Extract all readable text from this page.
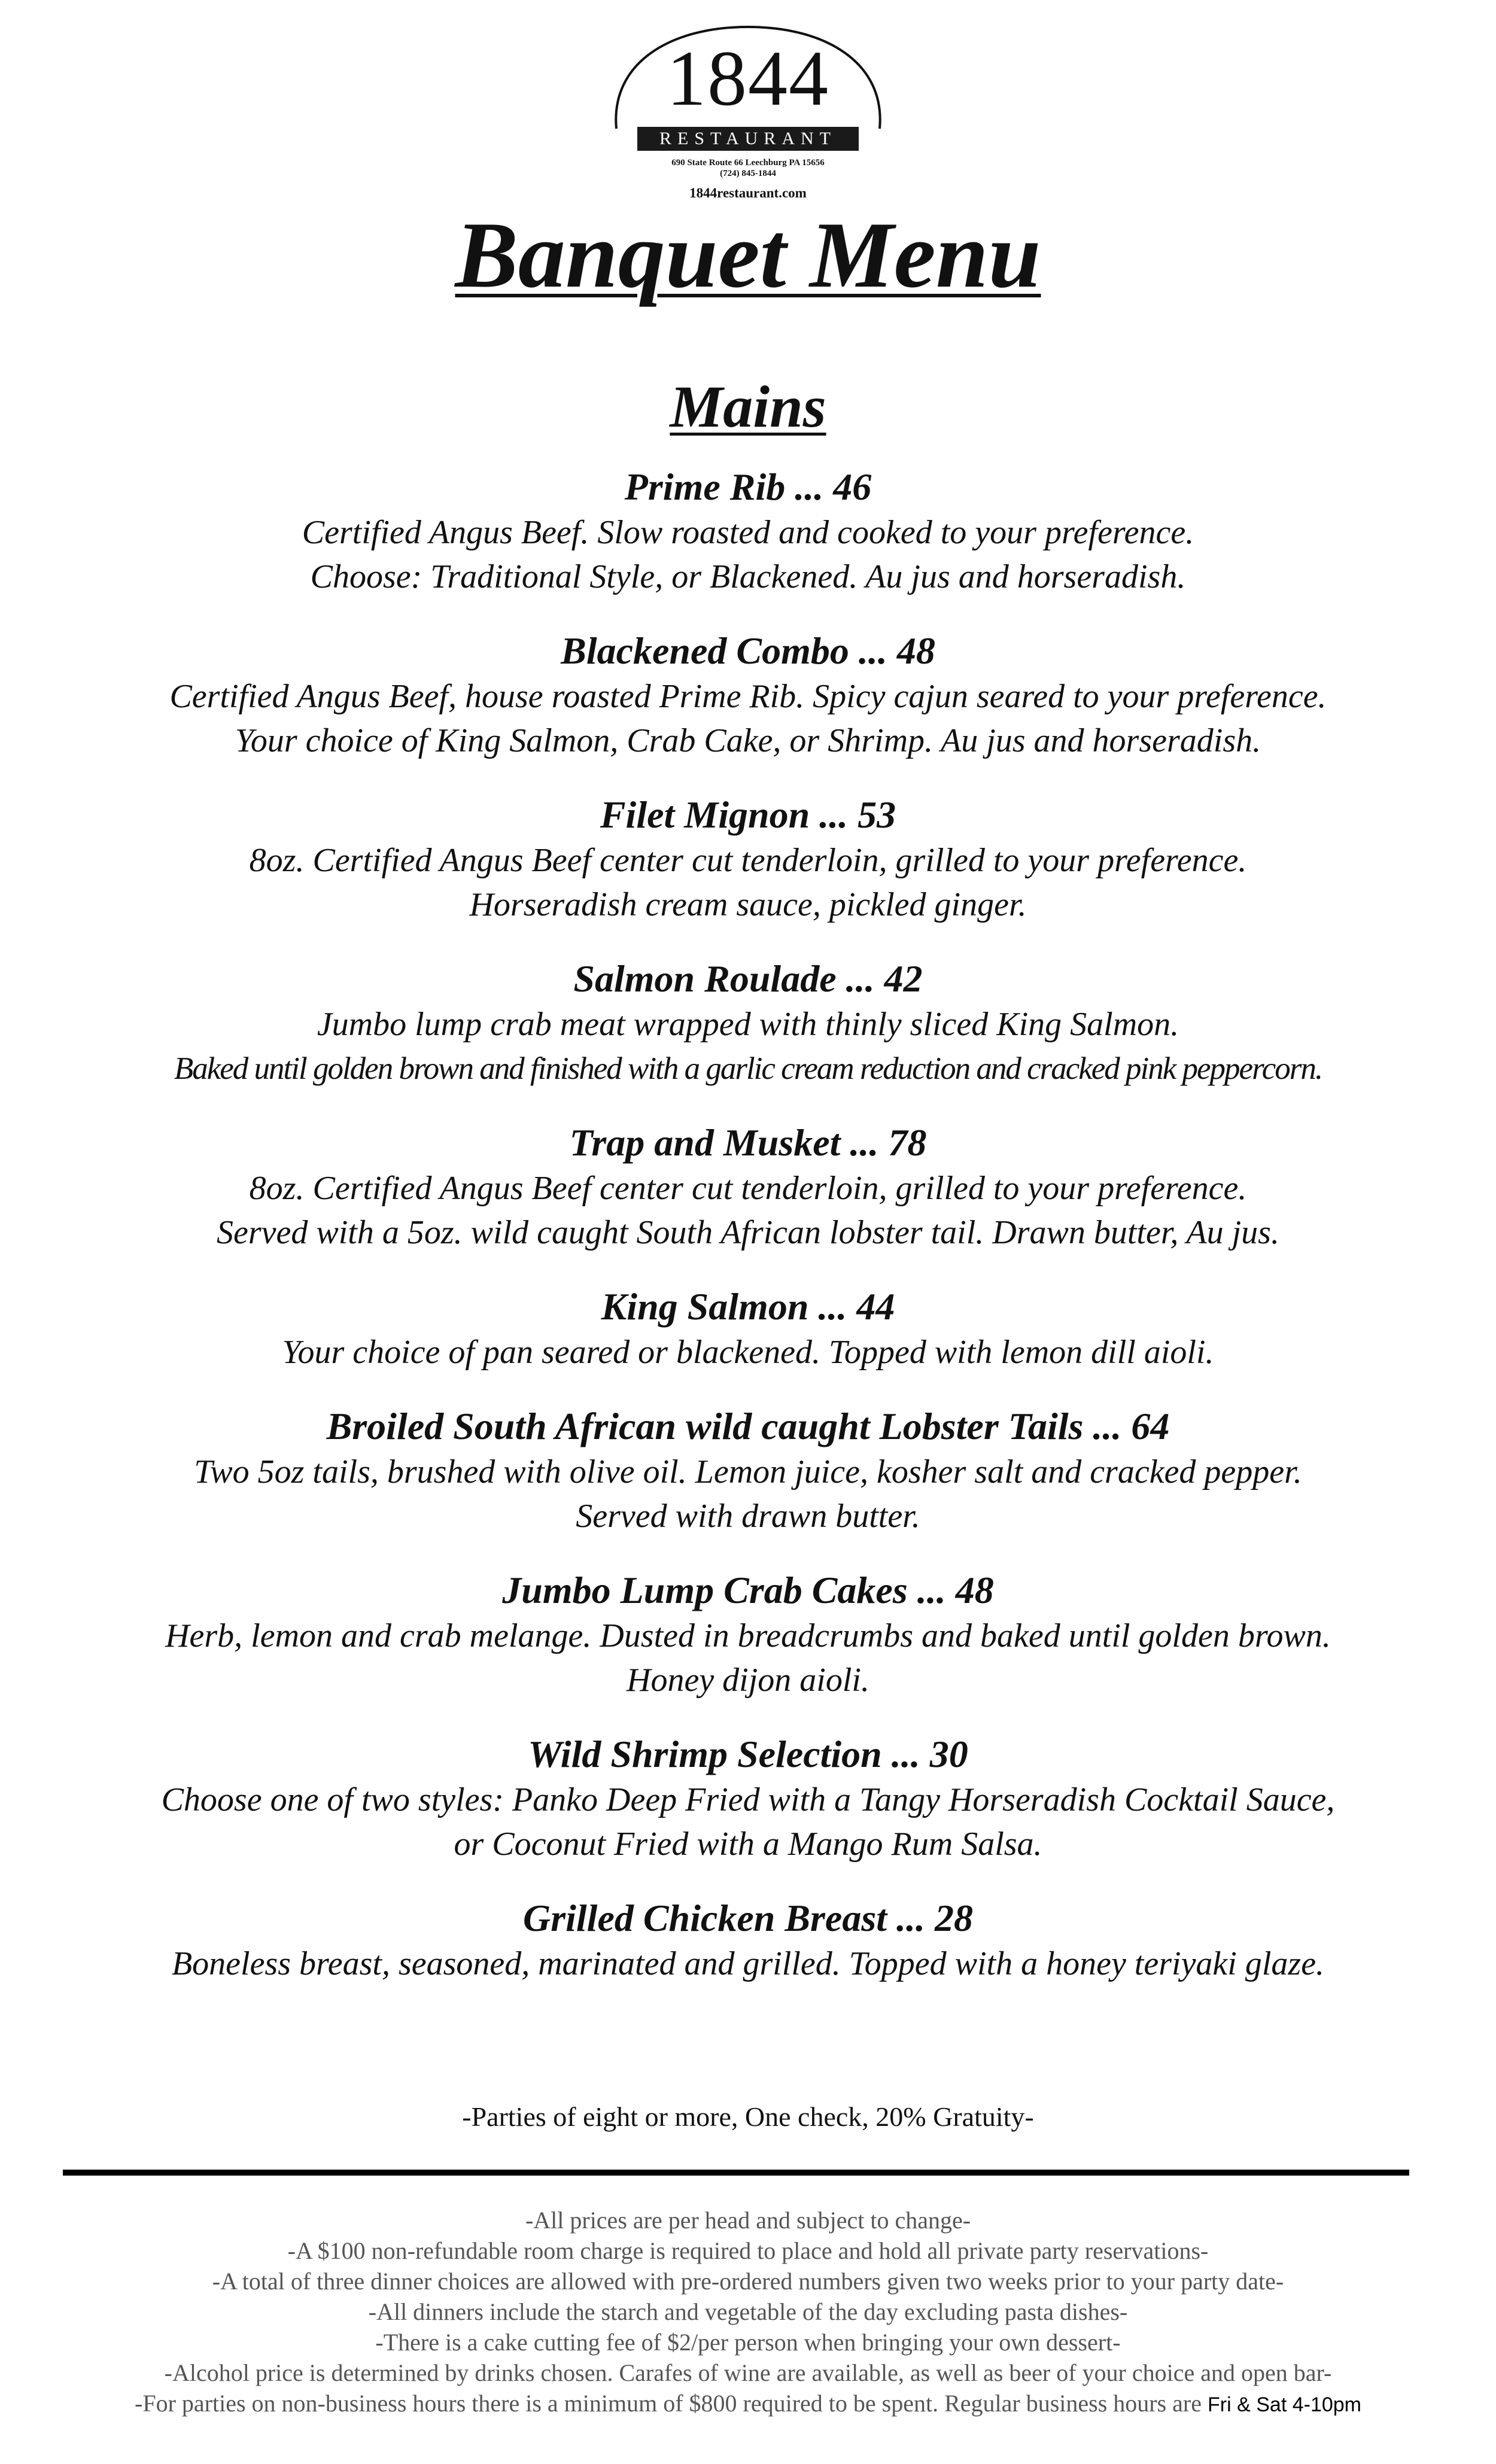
1844
RESTAURANT
690 State Route 66 Leechburg PA 15656
(724) 845-1844
1844restaurant.com
Banquet Menu
Mains
Prime Rib ... 46
Certified Angus Beef. Slow roasted and cooked to your preference.
Choose: Traditional Style, or Blackened. Au jus and horseradish.
Blackened Combo ... 48
Certified Angus Beef, house roasted Prime Rib. Spicy cajun seared to your preference.
Your choice of King Salmon, Crab Cake, or Shrimp. Au jus and horseradish.
Filet Mignon ... 53
8oz. Certified Angus Beef center cut tenderloin, grilled to your preference.
Horseradish cream sauce, pickled ginger.
Salmon Roulade ... 42
Jumbo lump crab meat wrapped with thinly sliced King Salmon.
Baked until golden brown and finished with a garlic cream reduction and cracked pink peppercorn.
Trap and Musket ... 78
8oz. Certified Angus Beef center cut tenderloin, grilled to your preference.
Served with a 5oz. wild caught South African lobster tail. Drawn butter, Au jus.
King Salmon ... 44
Your choice of pan seared or blackened. Topped with lemon dill aioli.
Broiled South African wild caught Lobster Tails ... 64
Two 5oz tails, brushed with olive oil. Lemon juice, kosher salt and cracked pepper.
Served with drawn butter.
Jumbo Lump Crab Cakes ... 48
Herb, lemon and crab melange. Dusted in breadcrumbs and baked until golden brown.
Honey dijon aioli.
Wild Shrimp Selection ... 30
Choose one of two styles: Panko Deep Fried with a Tangy Horseradish Cocktail Sauce,
or Coconut Fried with a Mango Rum Salsa.
Grilled Chicken Breast ... 28
Boneless breast, seasoned, marinated and grilled. Topped with a honey teriyaki glaze.
-Parties of eight or more, One check, 20% Gratuity-
-All prices are per head and subject to change-
-A $100 non-refundable room charge is required to place and hold all private party reservations-
-A total of three dinner choices are allowed with pre-ordered numbers given two weeks prior to your party date-
-All dinners include the starch and vegetable of the day excluding pasta dishes-
-There is a cake cutting fee of $2/per person when bringing your own dessert-
-Alcohol price is determined by drinks chosen. Carafes of wine are available, as well as beer of your choice and open bar-
-For parties on non-business hours there is a minimum of $800 required to be spent. Regular business hours are Fri & Sat 4-10pm
